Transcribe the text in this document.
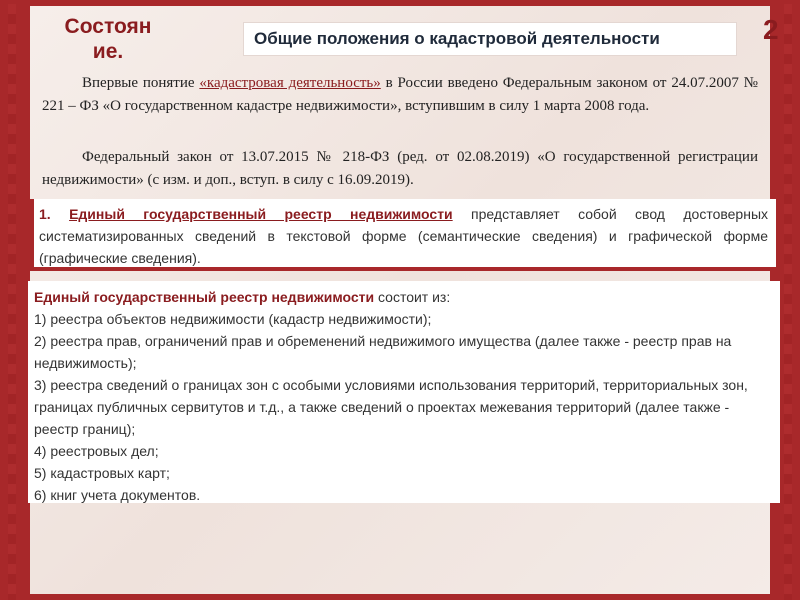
Состоян ие.
Общие положения о кадастровой деятельности	2
Впервые понятие «кадастровая деятельность» в России введено Федеральным законом от 24.07.2007 № 221 – ФЗ «О государственном кадастре недвижимости», вступившим в силу 1 марта 2008 года.
Федеральный закон от 13.07.2015 № 218-ФЗ (ред. от 02.08.2019) «О государственной регистрации недвижимости» (с изм. и доп., вступ. в силу с 16.09.2019).
1. Единый государственный реестр недвижимости представляет собой свод достоверных систематизированных сведений в текстовой форме (семантические сведения) и графической форме (графические сведения).
Единый государственный реестр недвижимости состоит из:
1) реестра объектов недвижимости (кадастр недвижимости);
2) реестра прав, ограничений прав и обременений недвижимого имущества (далее также - реестр прав на недвижимость);
3) реестра сведений о границах зон с особыми условиями использования территорий, территориальных зон, границах публичных сервитутов и т.д., а также сведений о проектах межевания территорий (далее также - реестр границ);
4) реестровых дел;
5) кадастровых карт;
6) книг учета документов.
